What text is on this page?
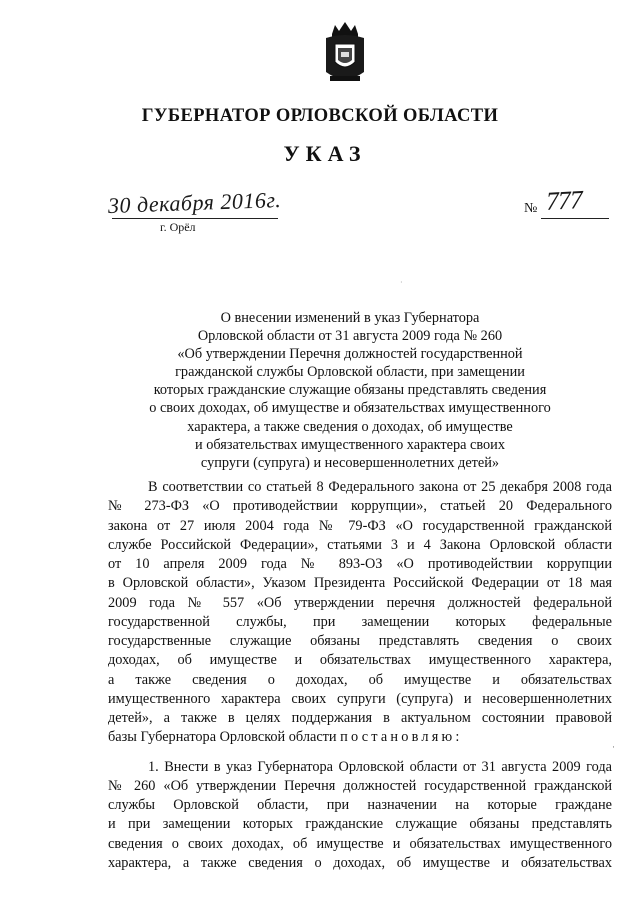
ГУБЕРНАТОР ОРЛОВСКОЙ ОБЛАСТИ
УКАЗ
30 декабря 2016г.
г. Орёл
№ 777
·
О внесении изменений в указ Губернатора
Орловской области от 31 августа 2009 года № 260
«Об утверждении Перечня должностей государственной
гражданской службы Орловской области, при замещении
которых гражданские служащие обязаны представлять сведения
о своих доходах, об имуществе и обязательствах имущественного
характера, а также сведения о доходах, об имуществе
и обязательствах имущественного характера своих
супруги (супруга) и несовершеннолетних детей»

В соответствии со статьей 8 Федерального закона от 25 декабря 2008 года
№ 273-ФЗ «О противодействии коррупции», статьей 20 Федерального
закона от 27 июля 2004 года № 79-ФЗ «О государственной гражданской
службе Российской Федерации», статьями 3 и 4 Закона Орловской области
от 10 апреля 2009 года № 893-ОЗ «О противодействии коррупции
в Орловской области», Указом Президента Российской Федерации от 18 мая
2009 года № 557 «Об утверждении перечня должностей федеральной
государственной службы, при замещении которых федеральные
государственные служащие обязаны представлять сведения о своих
доходах, об имуществе и обязательствах имущественного характера,
а также сведения о доходах, об имуществе и обязательствах
имущественного характера своих супруги (супруга) и несовершеннолетних
детей», а также в целях поддержания в актуальном состоянии правовой
базы Губернатора Орловской области постановляю:

1. Внести в указ Губернатора Орловской области от 31 августа 2009 года
№ 260 «Об утверждении Перечня должностей государственной гражданской
службы Орловской области, при назначении на которые граждане
и при замещении которых гражданские служащие обязаны представлять
сведения о своих доходах, об имуществе и обязательствах имущественного
характера, а также сведения о доходах, об имуществе и обязательствах

·
